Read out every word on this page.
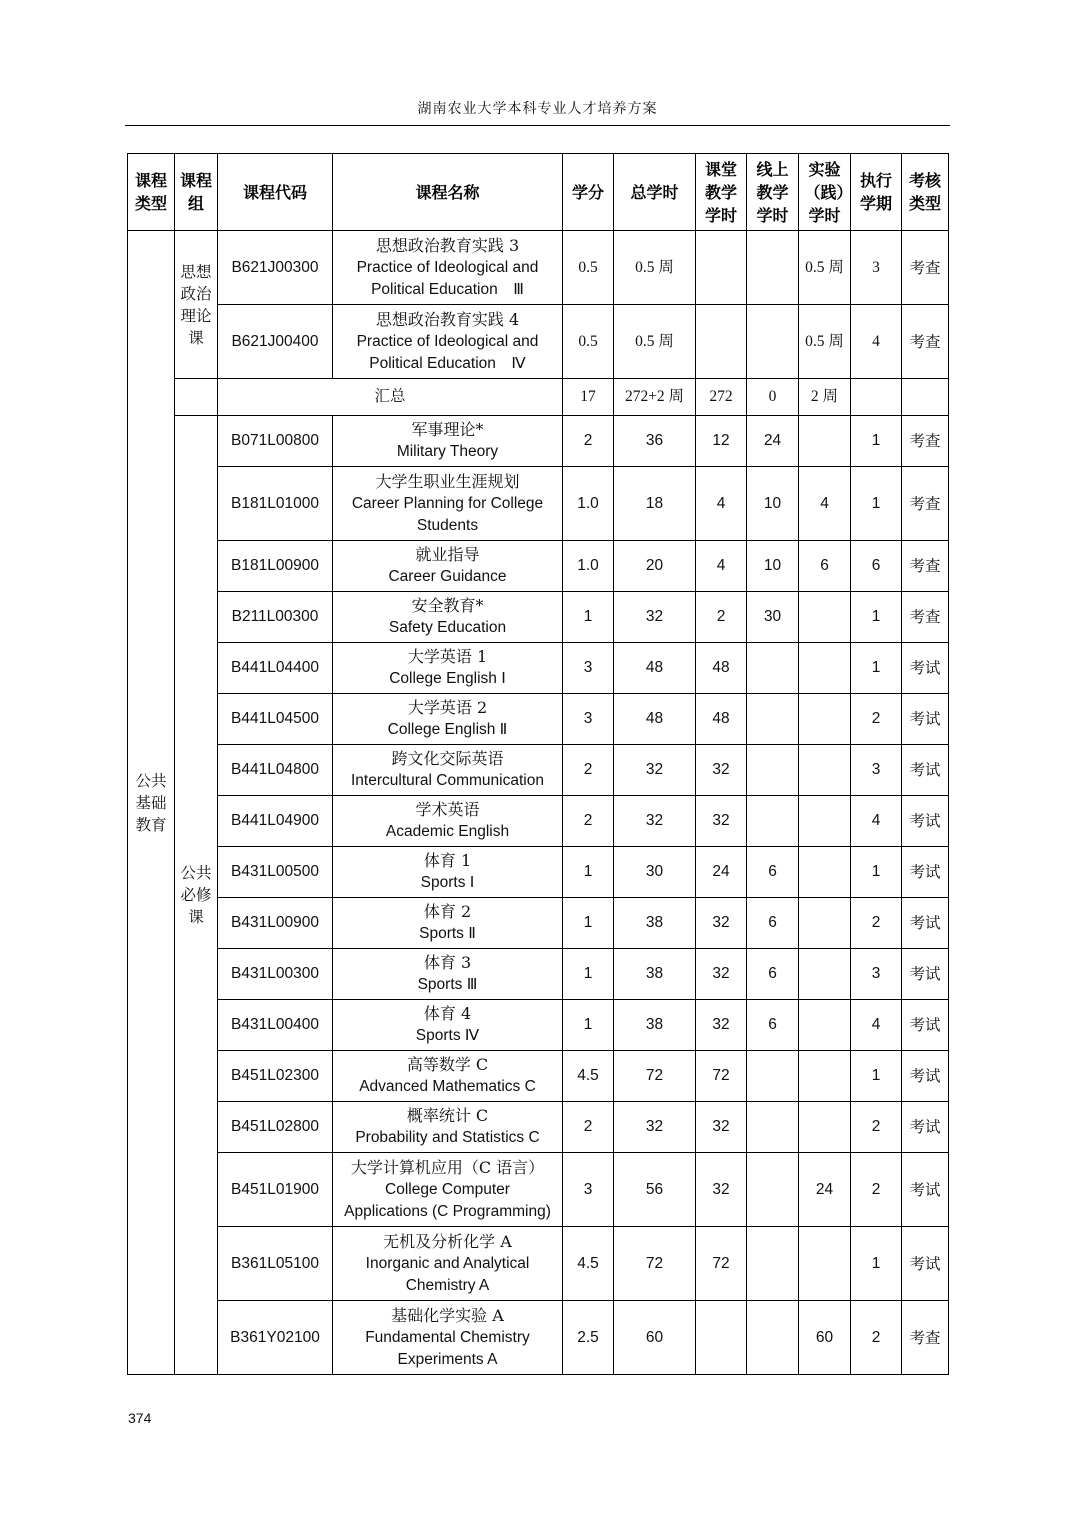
湖南农业大学本科专业人才培养方案
课程类型	课程组	课程代码	课程名称	学分	总学时	课堂教学学时	线上教学学时	实验（践）学时	执行学期	考核类型
公共基础教育	思想政治理论课	B621J00300	思想政治教育实践 3
Practice of Ideological and
Political Education　Ⅲ	0.5	0.5 周			0.5 周	3	考查
		B621J00400	思想政治教育实践 4
Practice of Ideological and
Political Education　Ⅳ	0.5	0.5 周			0.5 周	4	考查
		汇总		17	272+2 周	272	0	2 周		
	公共必修课	B071L00800	军事理论*
Military Theory	2	36	12	24		1	考查
		B181L01000	大学生职业生涯规划
Career Planning for College
Students	1.0	18	4	10	4	1	考查
		B181L00900	就业指导
Career Guidance	1.0	20	4	10	6	6	考查
		B211L00300	安全教育*
Safety Education	1	32	2	30		1	考查
		B441L04400	大学英语 1
College English Ⅰ	3	48	48			1	考试
		B441L04500	大学英语 2
College English Ⅱ	3	48	48			2	考试
		B441L04800	跨文化交际英语
Intercultural Communication	2	32	32			3	考试
		B441L04900	学术英语
Academic English	2	32	32			4	考试
		B431L00500	体育 1
Sports Ⅰ	1	30	24	6		1	考试
		B431L00900	体育 2
Sports Ⅱ	1	38	32	6		2	考试
		B431L00300	体育 3
Sports Ⅲ	1	38	32	6		3	考试
		B431L00400	体育 4
Sports Ⅳ	1	38	32	6		4	考试
		B451L02300	高等数学 C
Advanced Mathematics C	4.5	72	72			1	考试
		B451L02800	概率统计 C
Probability and Statistics C	2	32	32			2	考试
		B451L01900	大学计算机应用（C 语言）
College Computer
Applications (C Programming)	3	56	32		24	2	考试
		B361L05100	无机及分析化学 A
Inorganic and Analytical
Chemistry A	4.5	72	72			1	考试
		B361Y02100	基础化学实验 A
Fundamental Chemistry
Experiments A	2.5	60			60	2	考查
374
